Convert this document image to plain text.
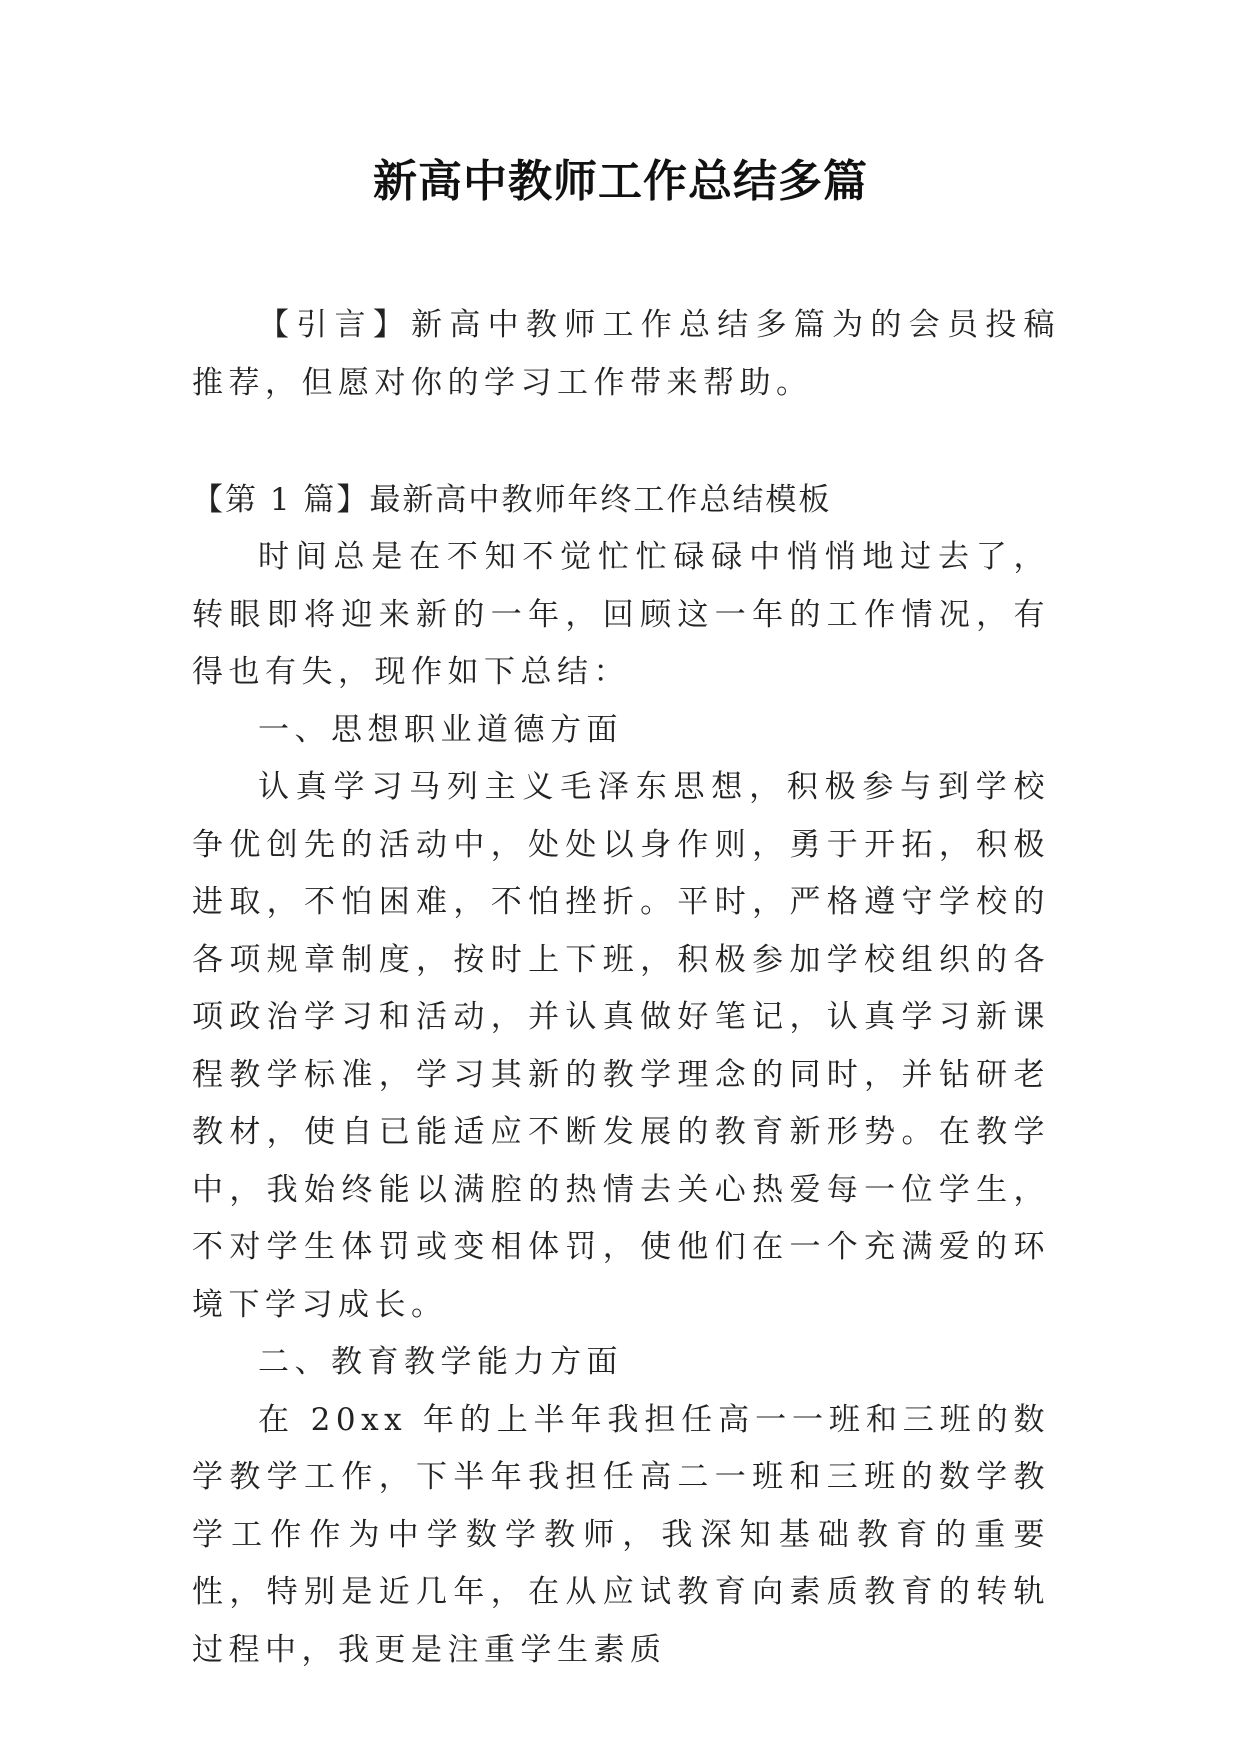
新高中教师工作总结多篇

【引言】新高中教师工作总结多篇为的会员投稿推荐，但愿对你的学习工作带来帮助。

【第 1 篇】最新高中教师年终工作总结模板

时间总是在不知不觉忙忙碌碌中悄悄地过去了，转眼即将迎来新的一年，回顾这一年的工作情况，有得也有失，现作如下总结：

一、思想职业道德方面

认真学习马列主义毛泽东思想，积极参与到学校争优创先的活动中，处处以身作则，勇于开拓，积极进取，不怕困难，不怕挫折。平时，严格遵守学校的各项规章制度，按时上下班，积极参加学校组织的各项政治学习和活动，并认真做好笔记，认真学习新课程教学标准，学习其新的教学理念的同时，并钻研老教材，使自已能适应不断发展的教育新形势。在教学中，我始终能以满腔的热情去关心热爱每一位学生，不对学生体罚或变相体罚，使他们在一个充满爱的环境下学习成长。

二、教育教学能力方面

在 20xx 年的上半年我担任高一一班和三班的数学教学工作，下半年我担任高二一班和三班的数学教学工作作为中学数学教师，我深知基础教育的重要性，特别是近几年，在从应试教育向素质教育的转轨过程中，我更是注重学生素质
